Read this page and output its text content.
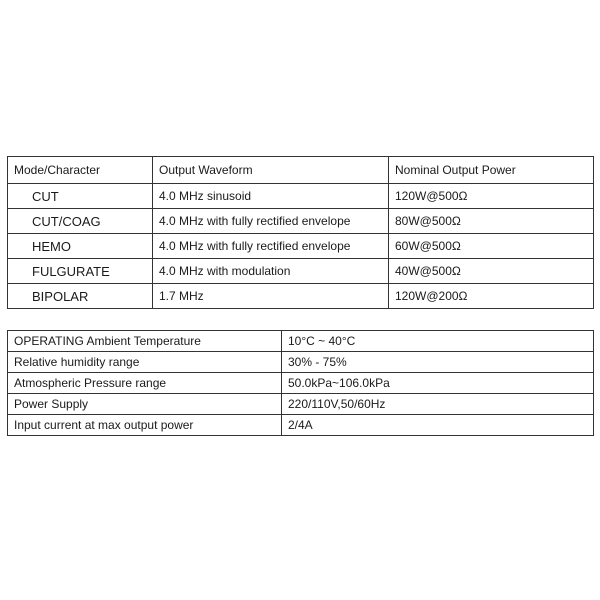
Mode/Character	Output Waveform	Nominal Output Power
CUT	4.0 MHz sinusoid	120W@500Ω
CUT/COAG	4.0 MHz with fully rectified envelope	80W@500Ω
HEMO	4.0 MHz with fully rectified envelope	60W@500Ω
FULGURATE	4.0 MHz with modulation	40W@500Ω
BIPOLAR	1.7 MHz	120W@200Ω
OPERATING Ambient Temperature	10°C ~ 40°C
Relative humidity range	30% - 75%
Atmospheric Pressure range	50.0kPa~106.0kPa
Power Supply	220/110V,50/60Hz
Input current at max output power	2/4A
